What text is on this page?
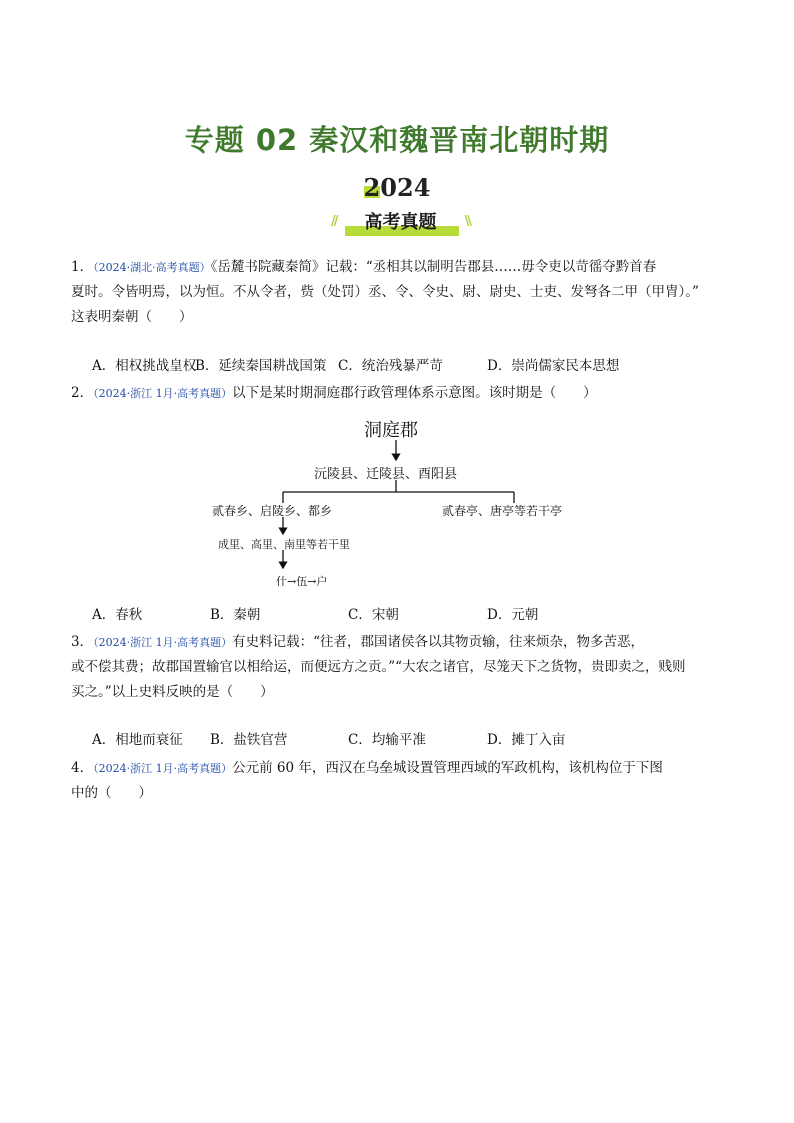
专题 02 秦汉和魏晋南北朝时期
2024
//	高考真题	\\
1．（2024·湖北·高考真题）《岳麓书院藏秦简》记载：“丞相其以制明告郡县……毋令吏以苛徭夺黔首春
夏时。令皆明焉，以为恒。不从令者，赀（处罚）丞、令、令史、尉、尉史、士吏、发弩各二甲（甲胄）。”
这表明秦朝（　　）
A．相权挑战皇权
B．延续秦国耕战国策 C．统治残暴严苛	D．崇尚儒家民本思想
2．（2024·浙江 1月·高考真题）以下是某时期洞庭郡行政管理体系示意图。该时期是（　　）
洞庭郡
沅陵县、迁陵县、酉阳县
贰春乡、启陵乡、都乡	贰春亭、唐亭等若干亭
成里、高里、南里等若干里
什→伍→户
A．春秋	B．秦朝	C．宋朝	D．元朝
3．（2024·浙江 1月·高考真题）有史料记载：“往者，郡国诸侯各以其物贡输，往来烦杂，物多苦恶，
或不偿其费；故郡国置输官以相给运，而便远方之贡。”“大农之诸官，尽笼天下之货物，贵即卖之，贱则
买之。”以上史料反映的是（　　）
A．相地而衰征 B．盐铁官营	C．均输平准	D．摊丁入亩
4．（2024·浙江 1月·高考真题）公元前 60 年，西汉在乌垒城设置管理西域的军政机构，该机构位于下图
中的（　　）
